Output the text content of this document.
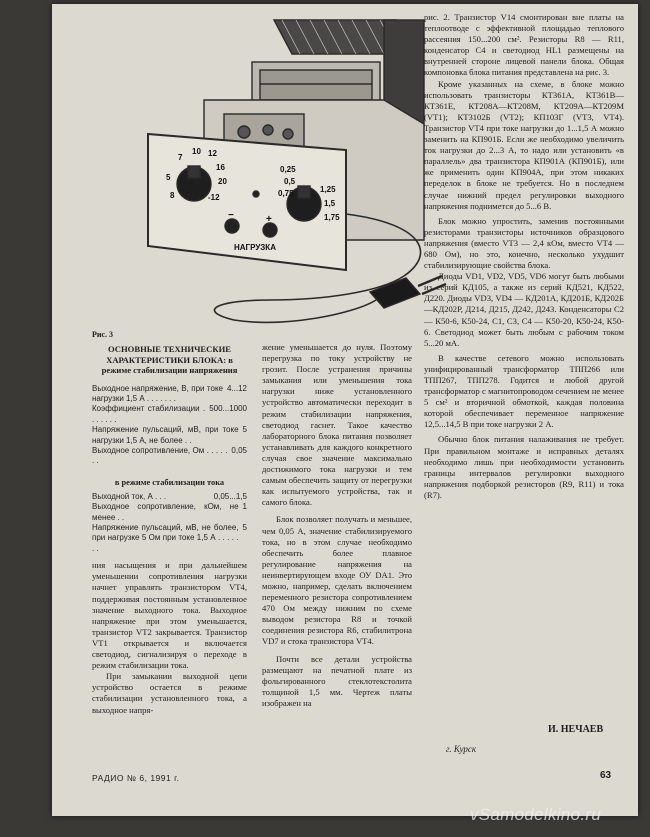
7
10 12
16
20
-12
8
5
0,25
0,5
0,75	1,25
1,5
1,75
−	+
НАГРУЗКА
Рис. 3
ОСНОВНЫЕ ТЕХНИЧЕСКИЕ ХАРАКТЕРИСТИКИ БЛОКА: в режиме стабилизации напряжения
Выходное напряжение, В, при токе нагрузки 1,5 А . . . . . . .
4...12
Коэффициент стабилизации . . . . . . .
500...1000
Напряжение пульсаций, мВ, при токе нагрузки 1,5 А, не более . .
5
Выходное сопротивление, Ом . . . . . . .
0,05
в режиме стабилизации тока
Выходной ток, А . . .	0,05...1,5
Выходное сопротивление, кОм, не менее . .
1
Напряжение пульсаций, мВ, не более, при нагрузке 5 Ом при токе 1,5 А . . . . . . .
5

ния насыщения и при дальнейшем уменьшении сопротивления нагрузки начнет управлять транзистором VT4, поддерживая постоянным установленное значение выходного тока. Выходное напряжение при этом уменьшается, транзистор VT2 закрывается. Транзистор VT1 открывается и включается светодиод, сигнализируя о переходе в режим стабилизации тока.

При замыкании выходной цепи устройство остается в режиме стабилизации установленного тока, а выходное напря-

жение уменьшается до нуля. Поэтому перегрузка по току устройству не грозит. После устранения причины замыкания или уменьшения тока нагрузки ниже установленного устройство автоматически переходит в режим стабилизации напряжения, светодиод гаснет. Такое качество лабораторного блока питания позволяет устанавливать для каждого конкретного случая свое значение максимально достижимого тока нагрузки и тем самым обеспечить защиту от перегрузки как испытуемого устройства, так и самого блока.

Блок позволяет получать и меньшее, чем 0,05 А, значение стабилизируемого тока, но в этом случае необходимо обеспечить более плавное регулирование напряжения на неинвертирующем входе ОУ DA1. Это можно, например, сделать включением переменного резистора сопротивлением 470 Ом между нижним по схеме выводом резистора R8 и точкой соединения резистора R6, стабилитрона VD7 и стока транзистора VT4.

Почти все детали устройства размещают на печатной плате из фольгированного стеклотекстолита толщиной 1,5 мм. Чертеж платы изображен на

рис. 2. Транзистор V14 смонтирован вне платы на теплоотводе с эффективной площадью теплового рассеяния 150...200 см². Резисторы R8 — R11, конденсатор C4 и светодиод HL1 размещены на внутренней стороне лицевой панели блока. Общая компоновка блока питания представлена на рис. 3.

Кроме указанных на схеме, в блоке можно использовать транзисторы КТ361А, КТ361В—КТ361Е, КТ208А—КТ208М, КТ209А—КТ209М (VT1); КТ3102Б (VT2); КП103Г (VT3, VT4). Транзистор VT4 при токе нагрузки до 1...1,5 А можно заменить на КП901Б. Если же необходимо увеличить ток нагрузки до 2...3 А, то надо или установить «в параллель» два транзистора КП901А (КП901Б), или же применить один КП904А, при этом никаких переделок в блоке не требуется. Но в последнем случае нижний предел регулировки выходного напряжения поднимется до 5...6 В.

Блок можно упростить, заменив постоянными резисторами транзисторы источников образцового напряжения (вместо VT3 — 2,4 кОм, вместо VT4 — 680 Ом), но это, конечно, несколько ухудшит стабилизирующие свойства блока.

Диоды VD1, VD2, VD5, VD6 могут быть любыми из серий КД105, а также из серий КД521, КД522, Д220. Диоды VD3, VD4 — КД201А, КД201Б, КД202Б—КД202Р, Д214, Д215, Д242, Д243. Конденсаторы С2 — К50-6, К50-24, С1, С3, С4 — К50-20, К50-24, К50-6. Светодиод может быть любым с рабочим током 5...20 мА.

В качестве сетевого можно использовать унифицированный трансформатор ТПП266 или ТПП267, ТПП278. Годится и любой другой трансформатор с магнитопроводом сечением не менее 5 см² и вторичной обмоткой, каждая половина которой обеспечивает переменное напряжение 12,5...14,5 В при токе нагрузки 2 А.

Обычно блок питания налаживания не требует. При правильном монтаже и исправных деталях необходимо лишь при необходимости установить границы интервалов регулировки выходного напряжения подборкой резисторов (R9, R11) и тока (R7).

И. НЕЧАЕВ
г. Курск
РАДИО № 6, 1991 г.	63
vSamodelkino.ru
